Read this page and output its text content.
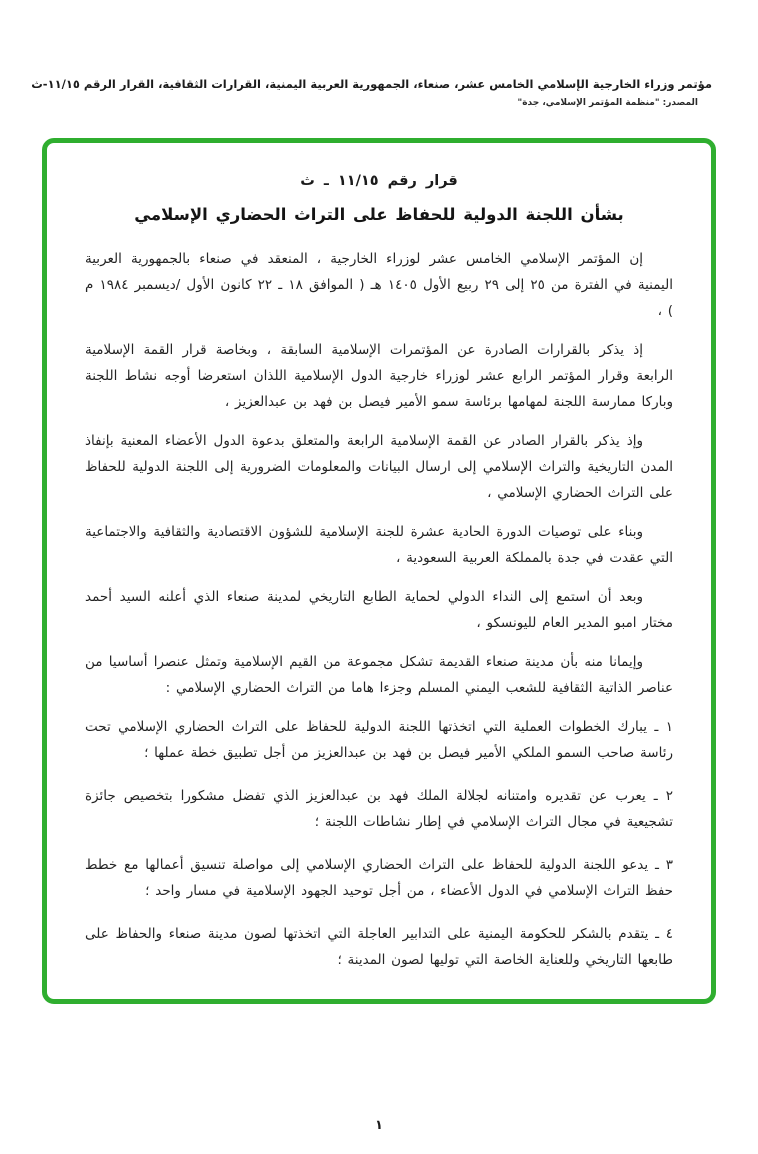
مؤتمر وزراء الخارجية الإسلامي الخامس عشر، صنعاء، الجمهورية العربية اليمنية، القرارات الثقافية، القرار الرقم ١١/١٥-ث
المصدر: "منظمة المؤتمر الإسلامي، جدة"
قرار رقم ١١/١٥ ـ ث
بشأن اللجنة الدولية للحفاظ على التراث الحضاري الإسلامي

إن المؤتمر الإسلامي الخامس عشر لوزراء الخارجية ، المنعقد في صنعاء بالجمهورية العربية اليمنية في الفترة من ٢٥ إلى ٢٩ ربيع الأول ١٤٠٥ هـ ( الموافق ١٨ ـ ٢٢ كانون الأول /ديسمبر ١٩٨٤ م ) ،

إذ يذكر بالقرارات الصادرة عن المؤتمرات الإسلامية السابقة ، وبخاصة قرار القمة الإسلامية الرابعة وقرار المؤتمر الرابع عشر لوزراء خارجية الدول الإسلامية اللذان استعرضا أوجه نشاط اللجنة وباركا ممارسة اللجنة لمهامها برئاسة سمو الأمير فيصل بن فهد بن عبدالعزيز ،

وإذ يذكر بالقرار الصادر عن القمة الإسلامية الرابعة والمتعلق بدعوة الدول الأعضاء المعنية بإنفاذ المدن التاريخية والتراث الإسلامي إلى ارسال البيانات والمعلومات الضرورية إلى اللجنة الدولية للحفاظ على التراث الحضاري الإسلامي ،

وبناء على توصيات الدورة الحادية عشرة للجنة الإسلامية للشؤون الاقتصادية والثقافية والاجتماعية التي عقدت في جدة بالمملكة العربية السعودية ،

وبعد أن استمع إلى النداء الدولي لحماية الطابع التاريخي لمدينة صنعاء الذي أعلنه السيد أحمد مختار امبو المدير العام لليونسكو ،

وإيمانا منه بأن مدينة صنعاء القديمة تشكل مجموعة من القيم الإسلامية وتمثل عنصرا أساسيا من عناصر الذاتية الثقافية للشعب اليمني المسلم وجزءا هاما من التراث الحضاري الإسلامي :

١ ـ يبارك الخطوات العملية التي اتخذتها اللجنة الدولية للحفاظ على التراث الحضاري الإسلامي تحت رئاسة صاحب السمو الملكي الأمير فيصل بن فهد بن عبدالعزيز من أجل تطبيق خطة عملها ؛

٢ ـ يعرب عن تقديره وامتنانه لجلالة الملك فهد بن عبدالعزيز الذي تفضل مشكورا بتخصيص جائزة تشجيعية في مجال التراث الإسلامي في إطار نشاطات اللجنة ؛

٣ ـ يدعو اللجنة الدولية للحفاظ على التراث الحضاري الإسلامي إلى مواصلة تنسيق أعمالها مع خطط حفظ التراث الإسلامي في الدول الأعضاء ، من أجل توحيد الجهود الإسلامية في مسار واحد ؛

٤ ـ يتقدم بالشكر للحكومة اليمنية على التدابير العاجلة التي اتخذتها لصون مدينة صنعاء والحفاظ على طابعها التاريخي وللعناية الخاصة التي توليها لصون المدينة ؛

١
